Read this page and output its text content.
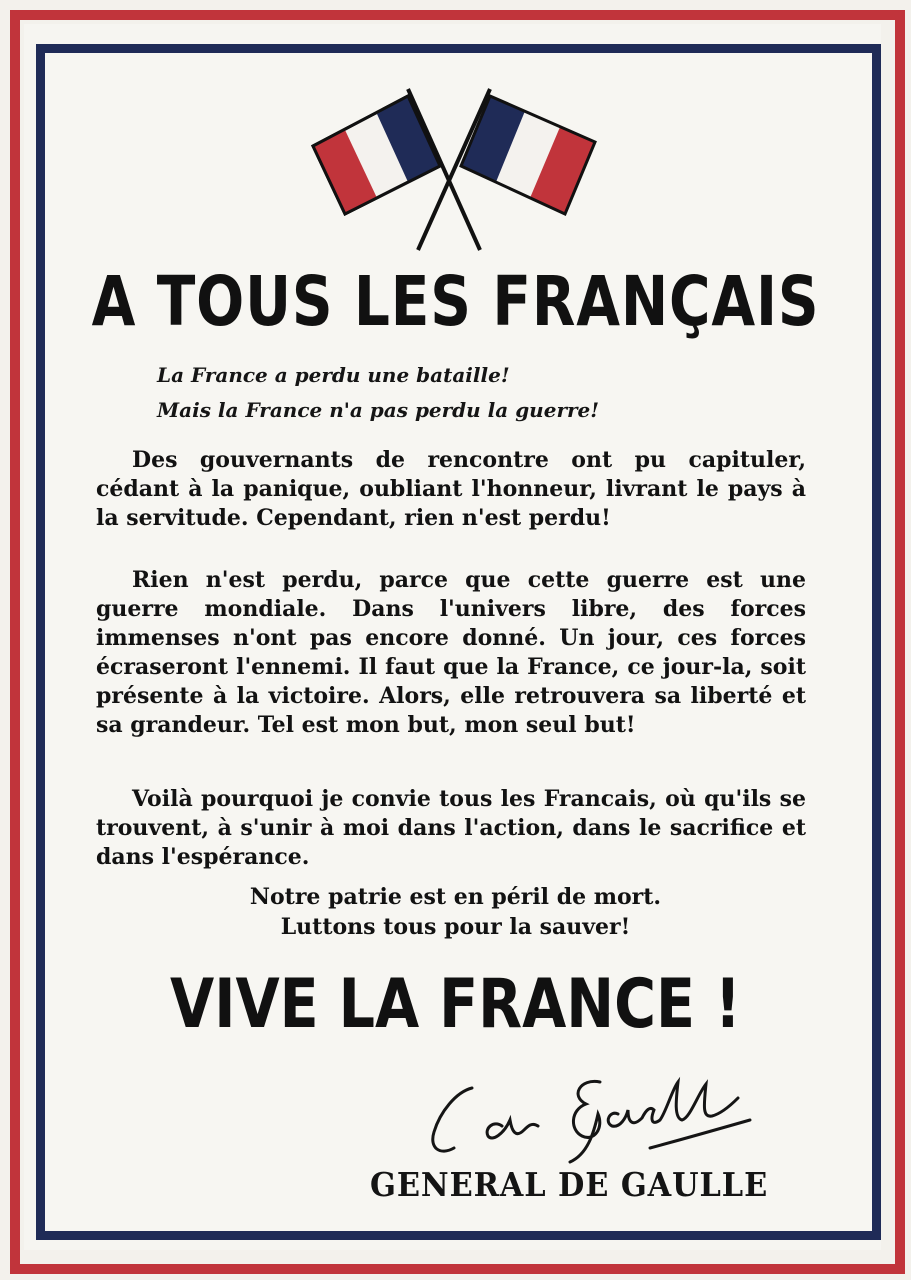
A TOUS LES FRANÇAIS
La France a perdu une bataille!
Mais la France n'a pas perdu la guerre!

Des gouvernants de rencontre ont pu capituler, cédant à la panique, oubliant l'honneur, livrant le pays à la servitude. Cependant, rien n'est perdu!

Rien n'est perdu, parce que cette guerre est une guerre mondiale. Dans l'univers libre, des forces immenses n'ont pas encore donné. Un jour, ces forces écraseront l'ennemi. Il faut que la France, ce jour-la, soit présente à la victoire. Alors, elle retrouvera sa liberté et sa grandeur. Tel est mon but, mon seul but!

Voilà pourquoi je convie tous les Francais, où qu'ils se trouvent, à s'unir à moi dans l'action, dans le sacrifice et dans l'espérance.

Notre patrie est en péril de mort.
Luttons tous pour la sauver!
VIVE LA FRANCE !
GENERAL DE GAULLE
